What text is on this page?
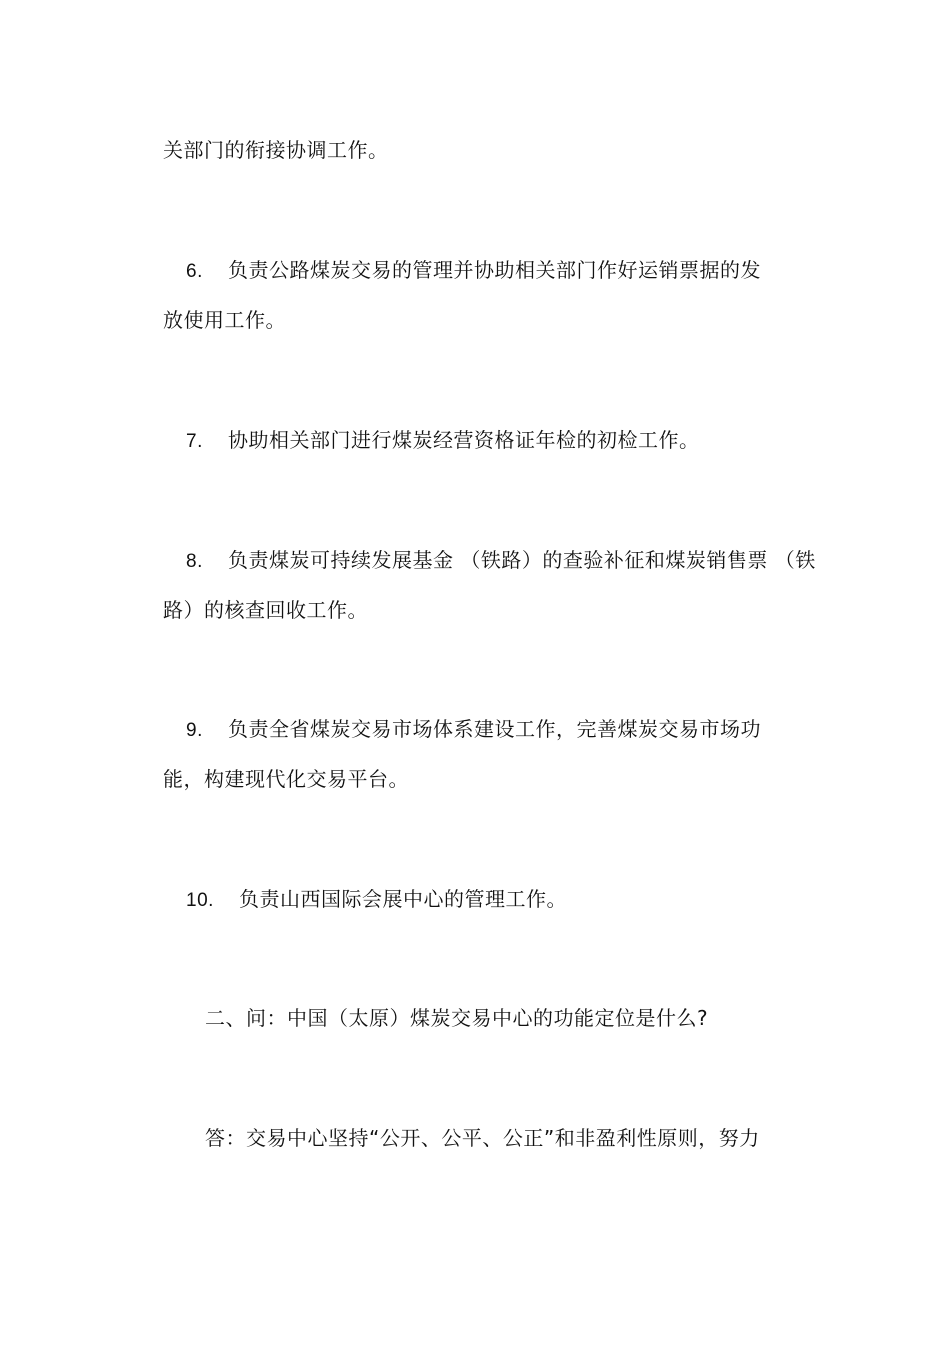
关部门的衔接协调工作。
6. 负责公路煤炭交易的管理并协助相关部门作好运销票据的发
放使用工作。
7. 协助相关部门进行煤炭经营资格证年检的初检工作。
8. 负责煤炭可持续发展基金 （铁路）的查验补征和煤炭销售票 （铁
路）的核查回收工作。
9. 负责全省煤炭交易市场体系建设工作，完善煤炭交易市场功
能，构建现代化交易平台。
10. 负责山西国际会展中心的管理工作。
二、问：中国（太原）煤炭交易中心的功能定位是什么?
答：交易中心坚持“公开、公平、公正”和非盈利性原则，努力
